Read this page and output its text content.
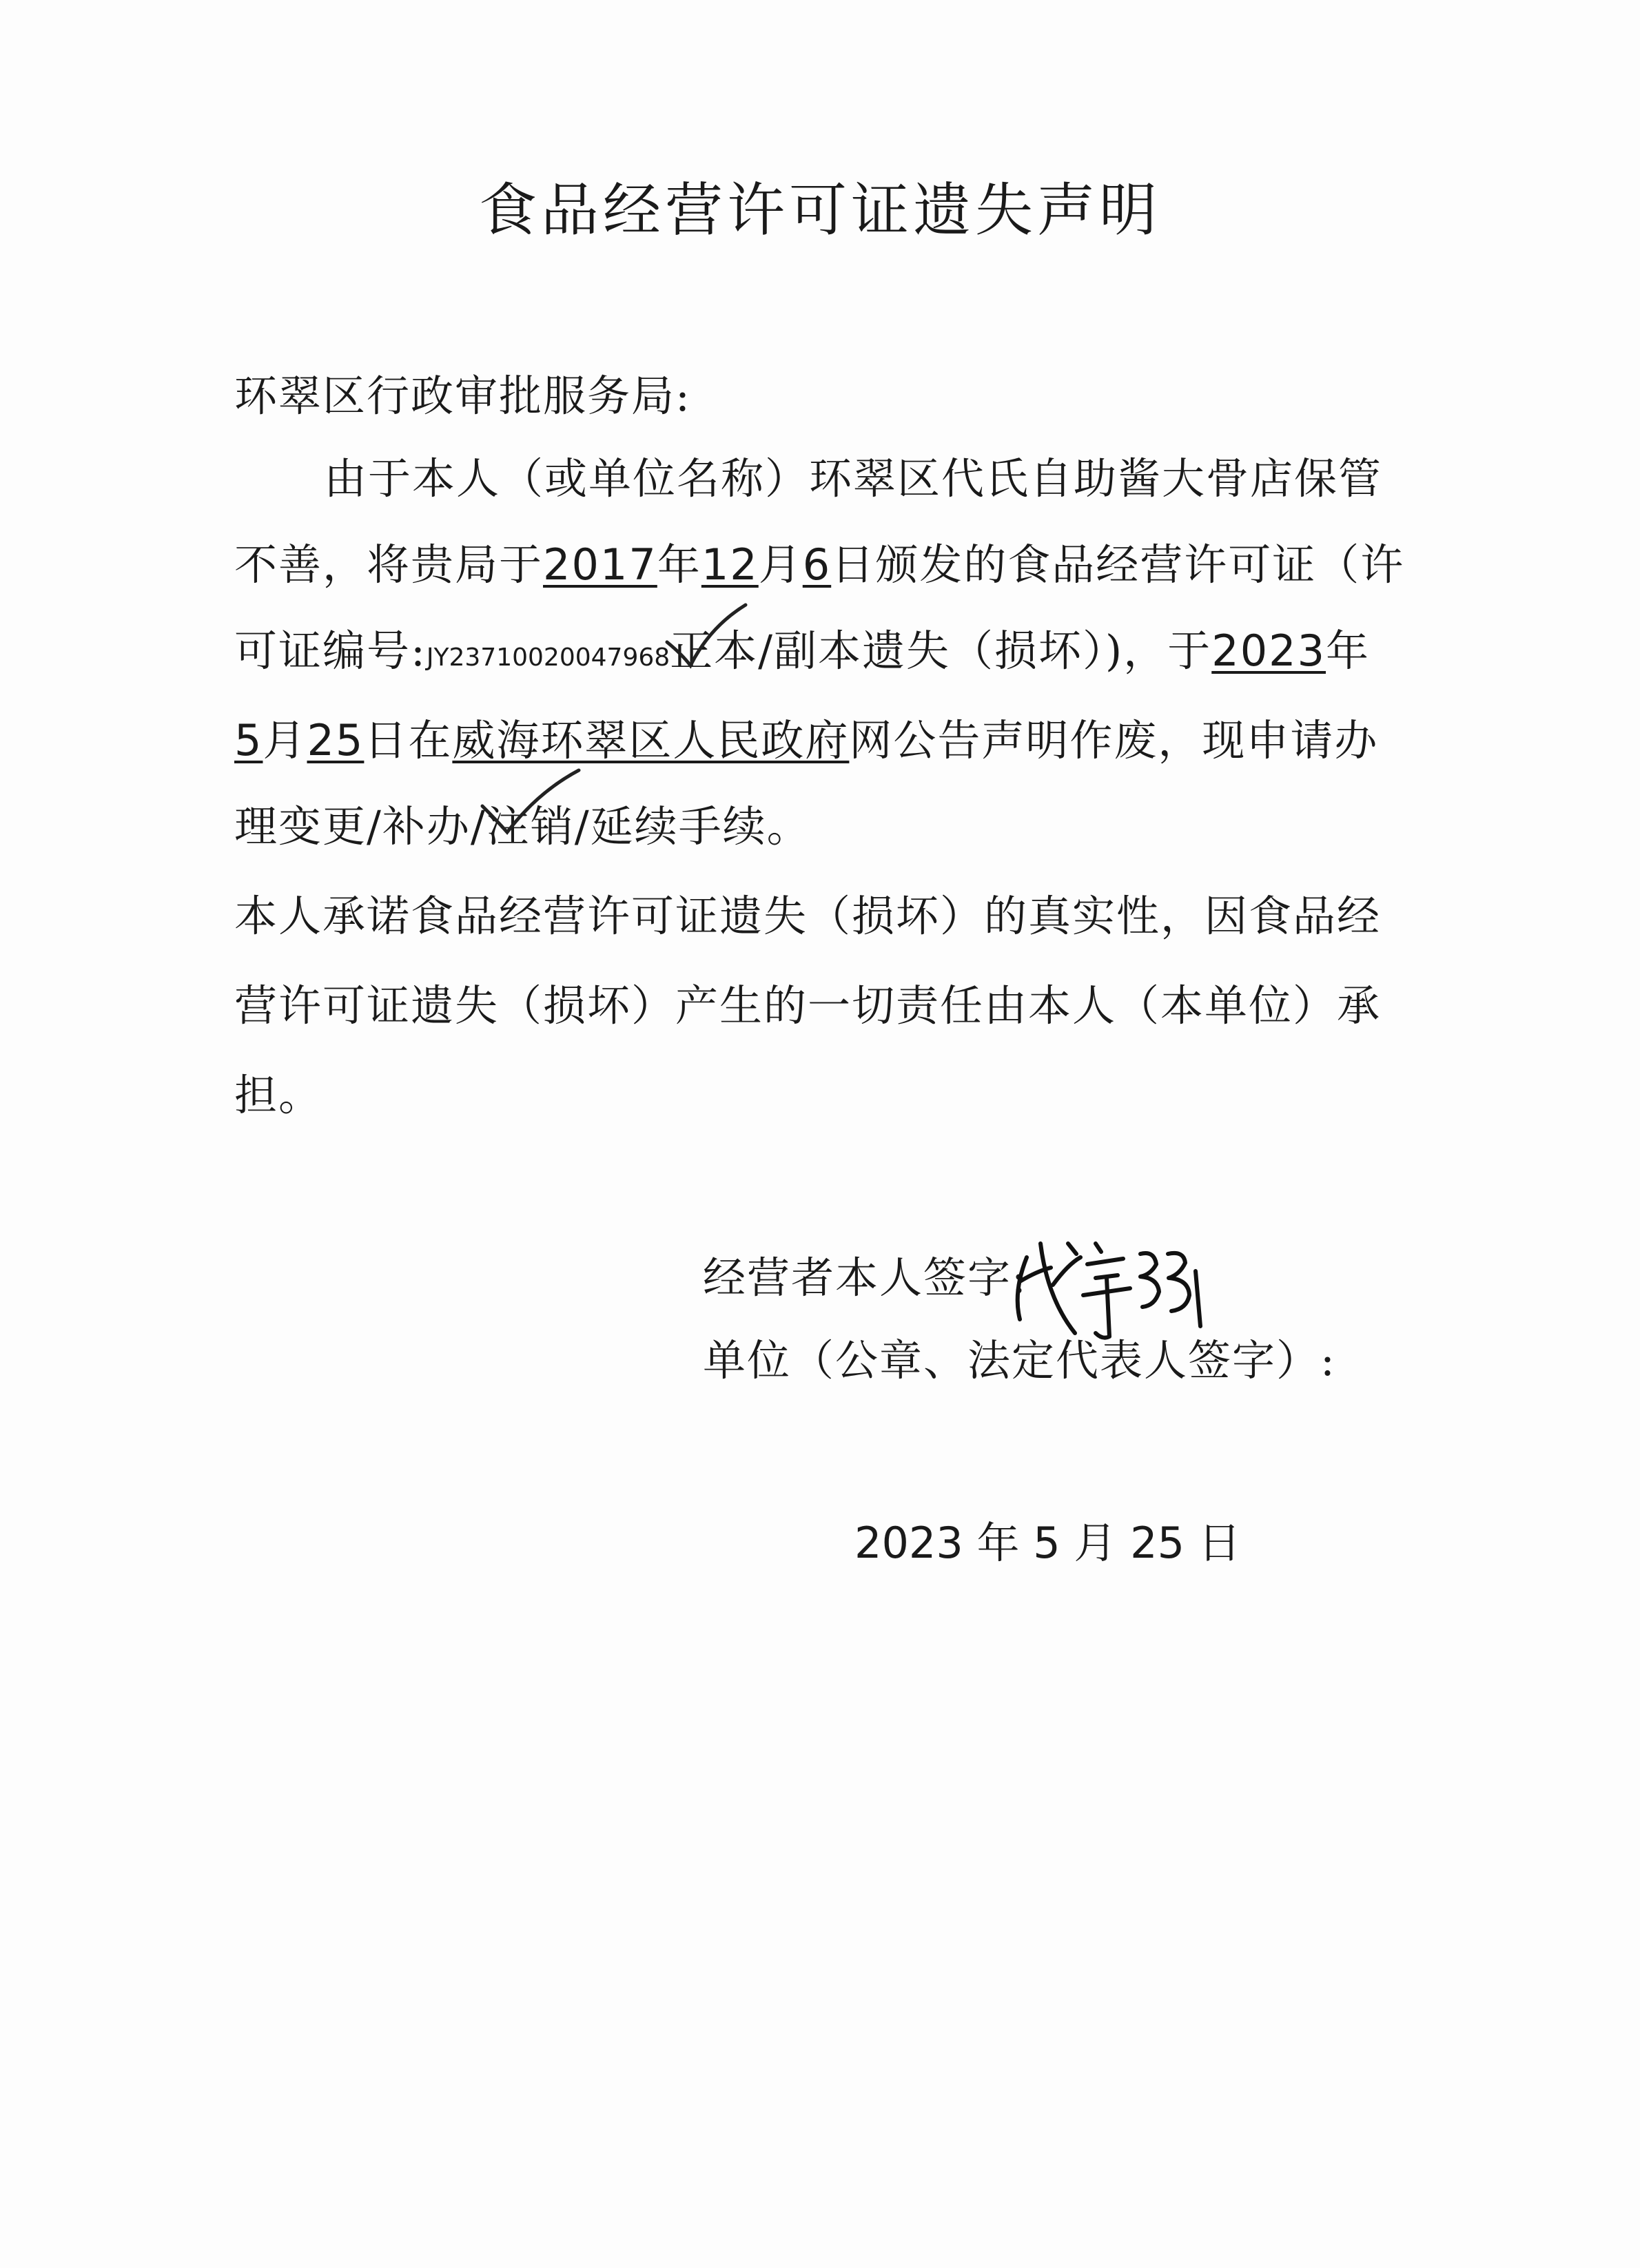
食品经营许可证遗失声明
环翠区行政审批服务局:
由于本人（或单位名称）环翠区代氏自助酱大骨店保管
不善，将贵局于2017年12月6日颁发的食品经营许可证（许
可证编号:JY23710020047968正本/副本遗失（损坏）)，于2023年
5月25日在威海环翠区人民政府网公告声明作废，现申请办
理变更/补办/注销/延续手续。
本人承诺食品经营许可证遗失（损坏）的真实性，因食品经
营许可证遗失（损坏）产生的一切责任由本人（本单位）承
担。
经营者本人签字:
单位（公章、法定代表人签字）:
2023 年 5 月 25 日
